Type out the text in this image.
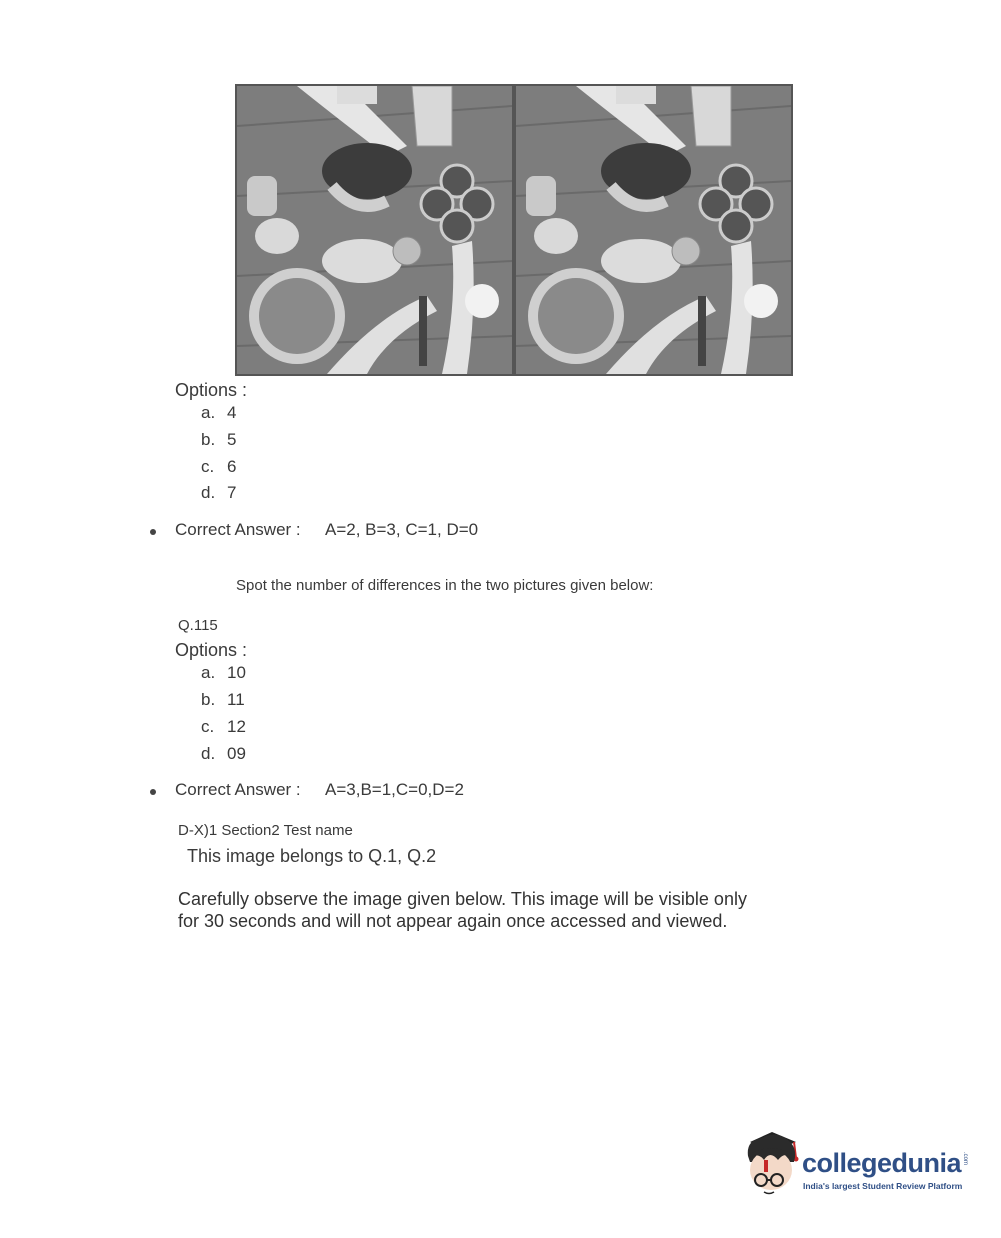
Options :
a. 4
b. 5
c. 6
d. 7
Correct Answer : A=2, B=3, C=1, D=0
Spot the number of differences in the two pictures given below:
Q.115
Options :
a. 10
b. 11
c. 12
d. 09
Correct Answer : A=3,B=1,C=0,D=2
D-X)1 Section2 Test name
This image belongs to Q.1, Q.2
Carefully observe the image given below. This image will be visible only
for 30 seconds and will not appear again once accessed and viewed.
collegedunia .com
India's largest Student Review Platform
